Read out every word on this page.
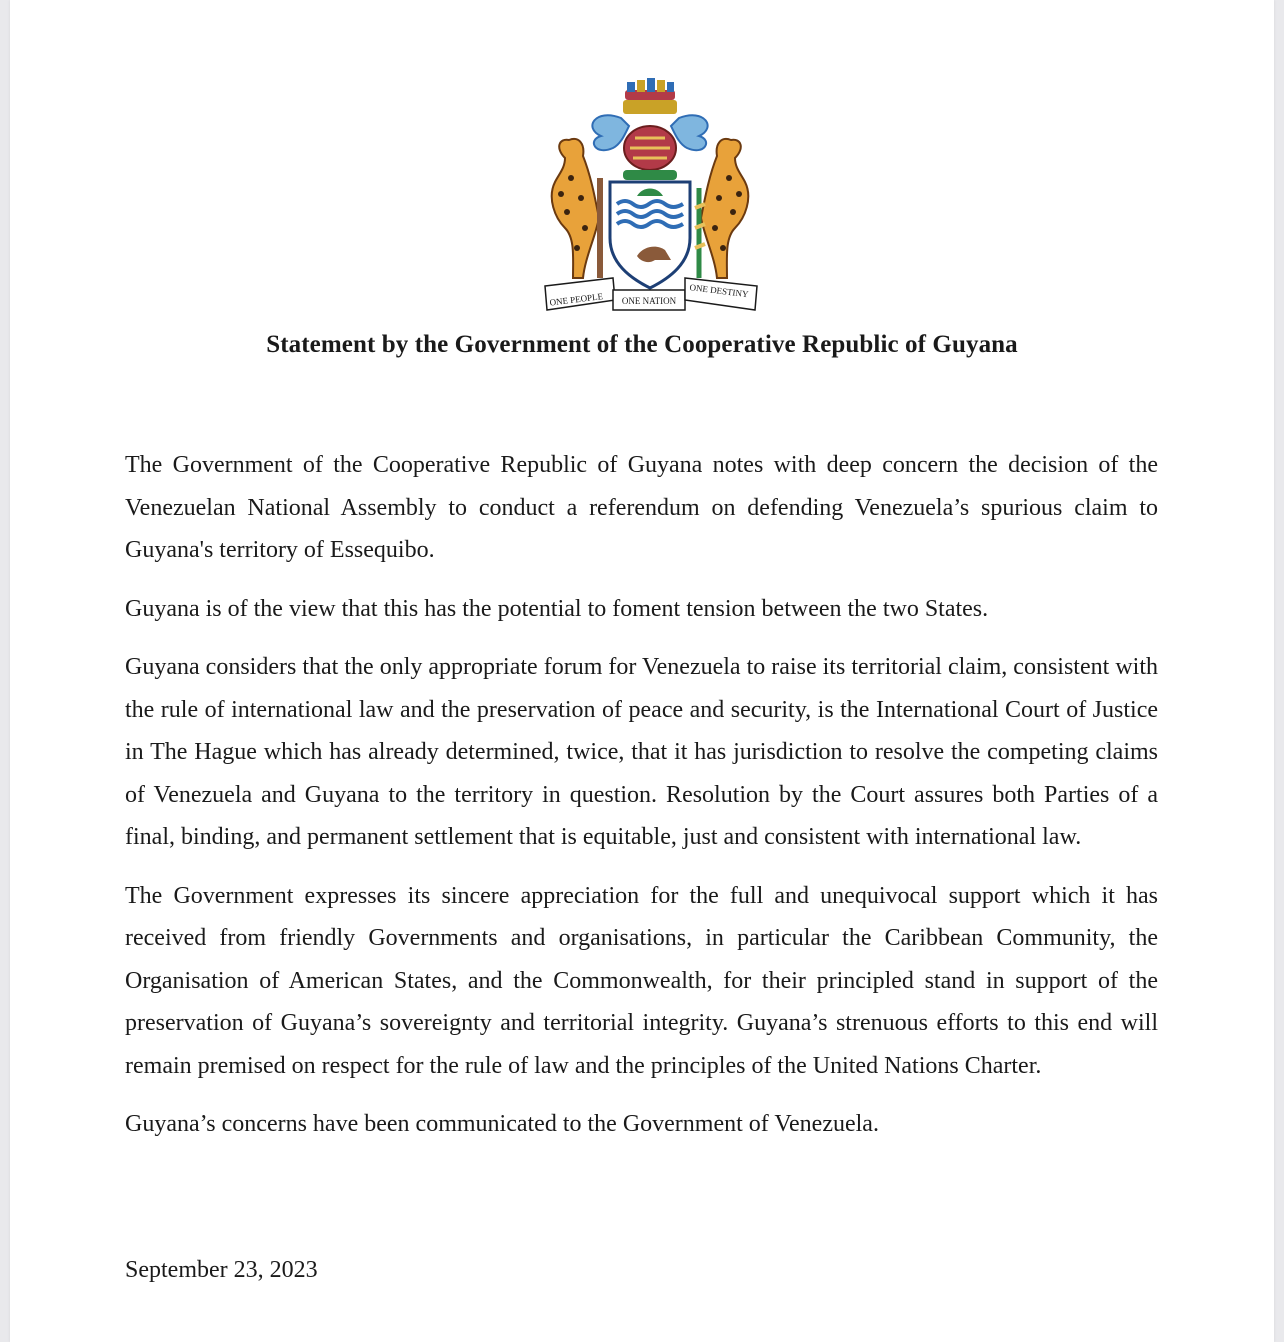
ONE PEOPLE ONE NATION
ONE DESTINY
Statement by the Government of the Cooperative Republic of Guyana

The Government of the Cooperative Republic of Guyana notes with deep concern the decision of the Venezuelan National Assembly to conduct a referendum on defending Venezuela’s spurious claim to Guyana's territory of Essequibo.

Guyana is of the view that this has the potential to foment tension between the two States.

Guyana considers that the only appropriate forum for Venezuela to raise its territorial claim, consistent with the rule of international law and the preservation of peace and security, is the International Court of Justice in The Hague which has already determined, twice, that it has jurisdiction to resolve the competing claims of Venezuela and Guyana to the territory in question. Resolution by the Court assures both Parties of a final, binding, and permanent settlement that is equitable, just and consistent with international law.

The Government expresses its sincere appreciation for the full and unequivocal support which it has received from friendly Governments and organisations, in particular the Caribbean Community, the Organisation of American States, and the Commonwealth, for their principled stand in support of the preservation of Guyana’s sovereignty and territorial integrity. Guyana’s strenuous efforts to this end will remain premised on respect for the rule of law and the principles of the United Nations Charter.

Guyana’s concerns have been communicated to the Government of Venezuela.

September 23, 2023
